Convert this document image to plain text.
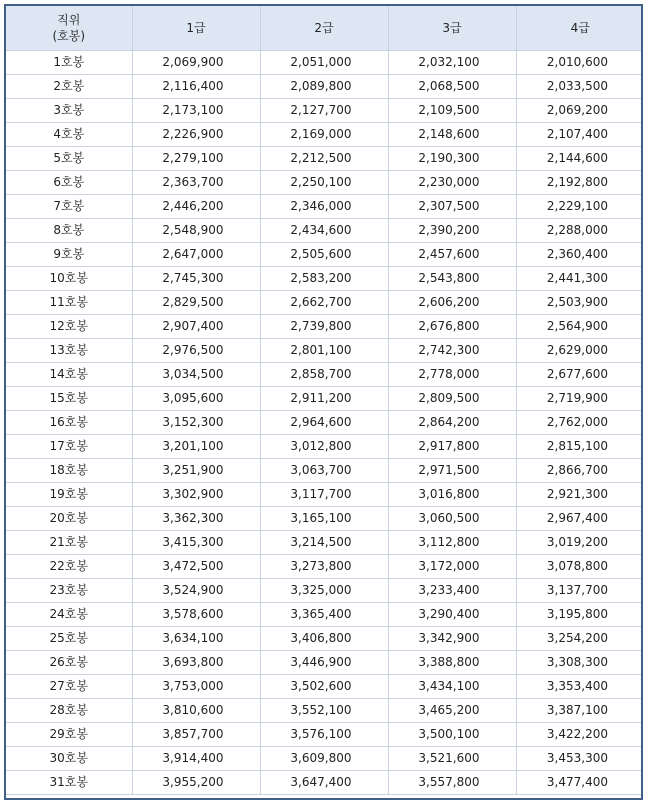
직위
(호봉)	1급	2급	3급	4급
1호봉	2,069,900	2,051,000	2,032,100	2,010,600
2호봉	2,116,400	2,089,800	2,068,500	2,033,500
3호봉	2,173,100	2,127,700	2,109,500	2,069,200
4호봉	2,226,900	2,169,000	2,148,600	2,107,400
5호봉	2,279,100	2,212,500	2,190,300	2,144,600
6호봉	2,363,700	2,250,100	2,230,000	2,192,800
7호봉	2,446,200	2,346,000	2,307,500	2,229,100
8호봉	2,548,900	2,434,600	2,390,200	2,288,000
9호봉	2,647,000	2,505,600	2,457,600	2,360,400
10호봉	2,745,300	2,583,200	2,543,800	2,441,300
11호봉	2,829,500	2,662,700	2,606,200	2,503,900
12호봉	2,907,400	2,739,800	2,676,800	2,564,900
13호봉	2,976,500	2,801,100	2,742,300	2,629,000
14호봉	3,034,500	2,858,700	2,778,000	2,677,600
15호봉	3,095,600	2,911,200	2,809,500	2,719,900
16호봉	3,152,300	2,964,600	2,864,200	2,762,000
17호봉	3,201,100	3,012,800	2,917,800	2,815,100
18호봉	3,251,900	3,063,700	2,971,500	2,866,700
19호봉	3,302,900	3,117,700	3,016,800	2,921,300
20호봉	3,362,300	3,165,100	3,060,500	2,967,400
21호봉	3,415,300	3,214,500	3,112,800	3,019,200
22호봉	3,472,500	3,273,800	3,172,000	3,078,800
23호봉	3,524,900	3,325,000	3,233,400	3,137,700
24호봉	3,578,600	3,365,400	3,290,400	3,195,800
25호봉	3,634,100	3,406,800	3,342,900	3,254,200
26호봉	3,693,800	3,446,900	3,388,800	3,308,300
27호봉	3,753,000	3,502,600	3,434,100	3,353,400
28호봉	3,810,600	3,552,100	3,465,200	3,387,100
29호봉	3,857,700	3,576,100	3,500,100	3,422,200
30호봉	3,914,400	3,609,800	3,521,600	3,453,300
31호봉	3,955,200	3,647,400	3,557,800	3,477,400
